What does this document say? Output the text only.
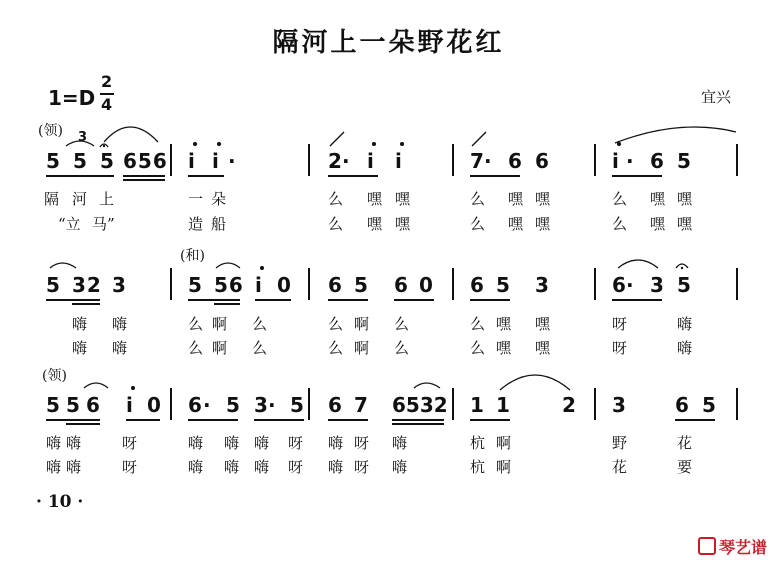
隔河上一朵野花红
1=D
2
4	宜兴
(领) 3
5 5 5 656 i i ·	2 · i i	7 · 6 6	i · 6 5
隔 河 上	一 朵	么 嘿 嘿	么 嘿 嘿	么 嘿 嘿
“立 马”	造 船	么 嘿 嘿	么 嘿 嘿	么 嘿 嘿
(和)
5 32 3	5 56 i 0 6 5 6 0 6 5 3	6 · 3 5
嗨 嗨	么 啊 么	么 啊 么	么 嘿 嘿	呀	嗨
嗨 嗨	么 啊 么	么 啊 么	么 嘿 嘿	呀	嗨
(领)
5 5 6 i 0 6 · 5 3 · 5 6 7 6532 1 1	2 3 6 5
嗨 嗨	呀	嗨 嗨 嗨 呀 嗨 呀 嗨	杭 啊	野	花
嗨 嗨	呀	嗨 嗨 嗨 呀 嗨 呀 嗨	杭 啊	花	要
· 10 ·
琴艺谱
